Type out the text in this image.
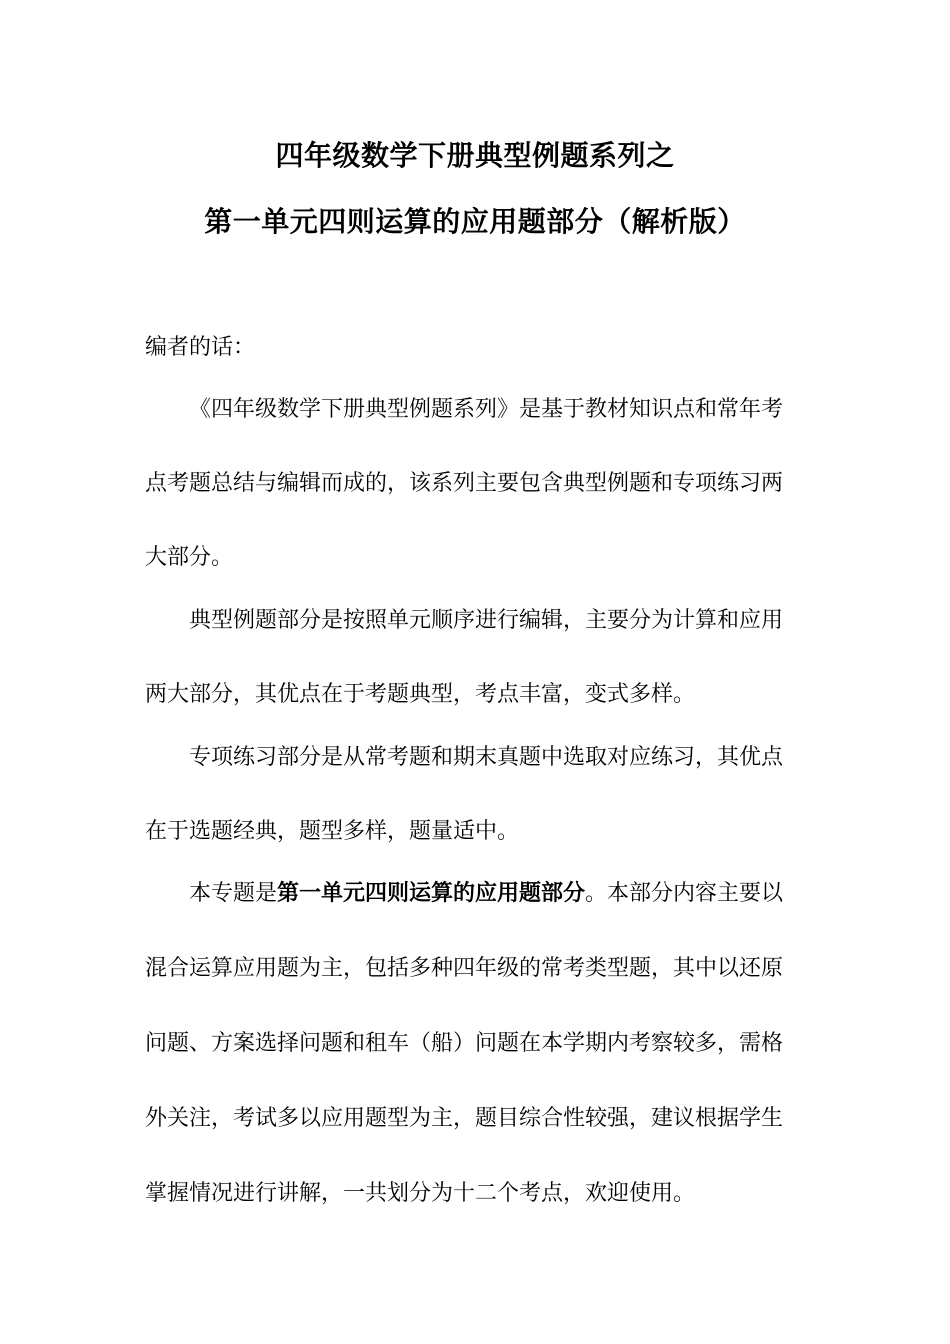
四年级数学下册典型例题系列之
第一单元四则运算的应用题部分（解析版）
编者的话：
《四年级数学下册典型例题系列》是基于教材知识点和常年考
点考题总结与编辑而成的，该系列主要包含典型例题和专项练习两
大部分。
典型例题部分是按照单元顺序进行编辑，主要分为计算和应用
两大部分，其优点在于考题典型，考点丰富，变式多样。
专项练习部分是从常考题和期末真题中选取对应练习，其优点
在于选题经典，题型多样，题量适中。
本专题是第一单元四则运算的应用题部分。本部分内容主要以
混合运算应用题为主，包括多种四年级的常考类型题，其中以还原
问题、方案选择问题和租车（船）问题在本学期内考察较多，需格
外关注，考试多以应用题型为主，题目综合性较强，建议根据学生
掌握情况进行讲解，一共划分为十二个考点，欢迎使用。
